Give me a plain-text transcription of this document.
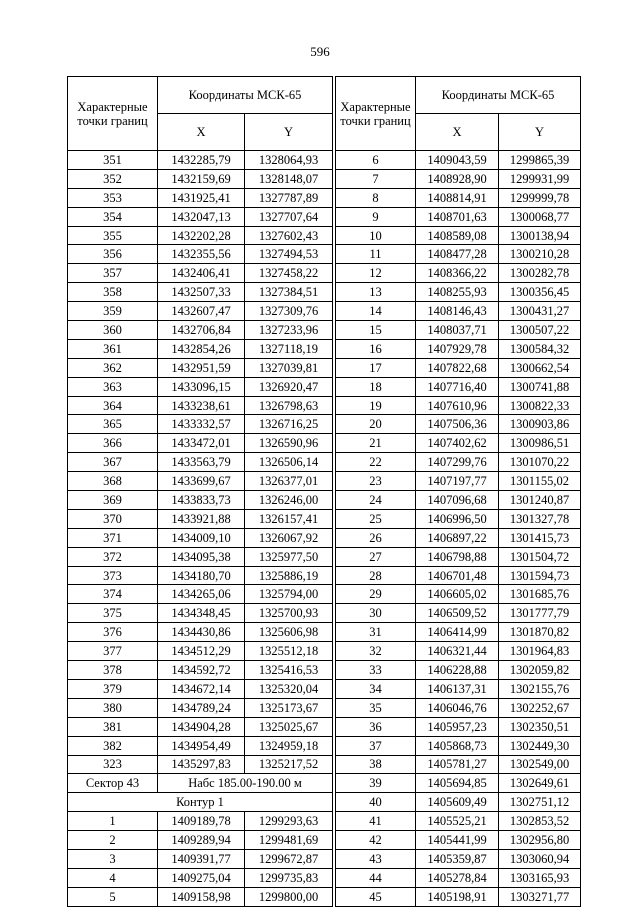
596
Характерные точки границ	Координаты МСК-65	
	X	Y
351	1432285,79	1328064,93
352	1432159,69	1328148,07
353	1431925,41	1327787,89
354	1432047,13	1327707,64
355	1432202,28	1327602,43
356	1432355,56	1327494,53
357	1432406,41	1327458,22
358	1432507,33	1327384,51
359	1432607,47	1327309,76
360	1432706,84	1327233,96
361	1432854,26	1327118,19
362	1432951,59	1327039,81
363	1433096,15	1326920,47
364	1433238,61	1326798,63
365	1433332,57	1326716,25
366	1433472,01	1326590,96
367	1433563,79	1326506,14
368	1433699,67	1326377,01
369	1433833,73	1326246,00
370	1433921,88	1326157,41
371	1434009,10	1326067,92
372	1434095,38	1325977,50
373	1434180,70	1325886,19
374	1434265,06	1325794,00
375	1434348,45	1325700,93
376	1434430,86	1325606,98
377	1434512,29	1325512,18
378	1434592,72	1325416,53
379	1434672,14	1325320,04
380	1434789,24	1325173,67
381	1434904,28	1325025,67
382	1434954,49	1324959,18
323	1435297,83	1325217,52
Сектор 43	Набс 185.00-190.00 м	
Контур 1		
1	1409189,78	1299293,63
2	1409289,94	1299481,69
3	1409391,77	1299672,87
4	1409275,04	1299735,83
5	1409158,98	1299800,00
Характерные точки границ	Координаты МСК-65	
	X	Y
6	1409043,59	1299865,39
7	1408928,90	1299931,99
8	1408814,91	1299999,78
9	1408701,63	1300068,77
10	1408589,08	1300138,94
11	1408477,28	1300210,28
12	1408366,22	1300282,78
13	1408255,93	1300356,45
14	1408146,43	1300431,27
15	1408037,71	1300507,22
16	1407929,78	1300584,32
17	1407822,68	1300662,54
18	1407716,40	1300741,88
19	1407610,96	1300822,33
20	1407506,36	1300903,86
21	1407402,62	1300986,51
22	1407299,76	1301070,22
23	1407197,77	1301155,02
24	1407096,68	1301240,87
25	1406996,50	1301327,78
26	1406897,22	1301415,73
27	1406798,88	1301504,72
28	1406701,48	1301594,73
29	1406605,02	1301685,76
30	1406509,52	1301777,79
31	1406414,99	1301870,82
32	1406321,44	1301964,83
33	1406228,88	1302059,82
34	1406137,31	1302155,76
35	1406046,76	1302252,67
36	1405957,23	1302350,51
37	1405868,73	1302449,30
38	1405781,27	1302549,00
39	1405694,85	1302649,61
40	1405609,49	1302751,12
41	1405525,21	1302853,52
42	1405441,99	1302956,80
43	1405359,87	1303060,94
44	1405278,84	1303165,93
45	1405198,91	1303271,77
